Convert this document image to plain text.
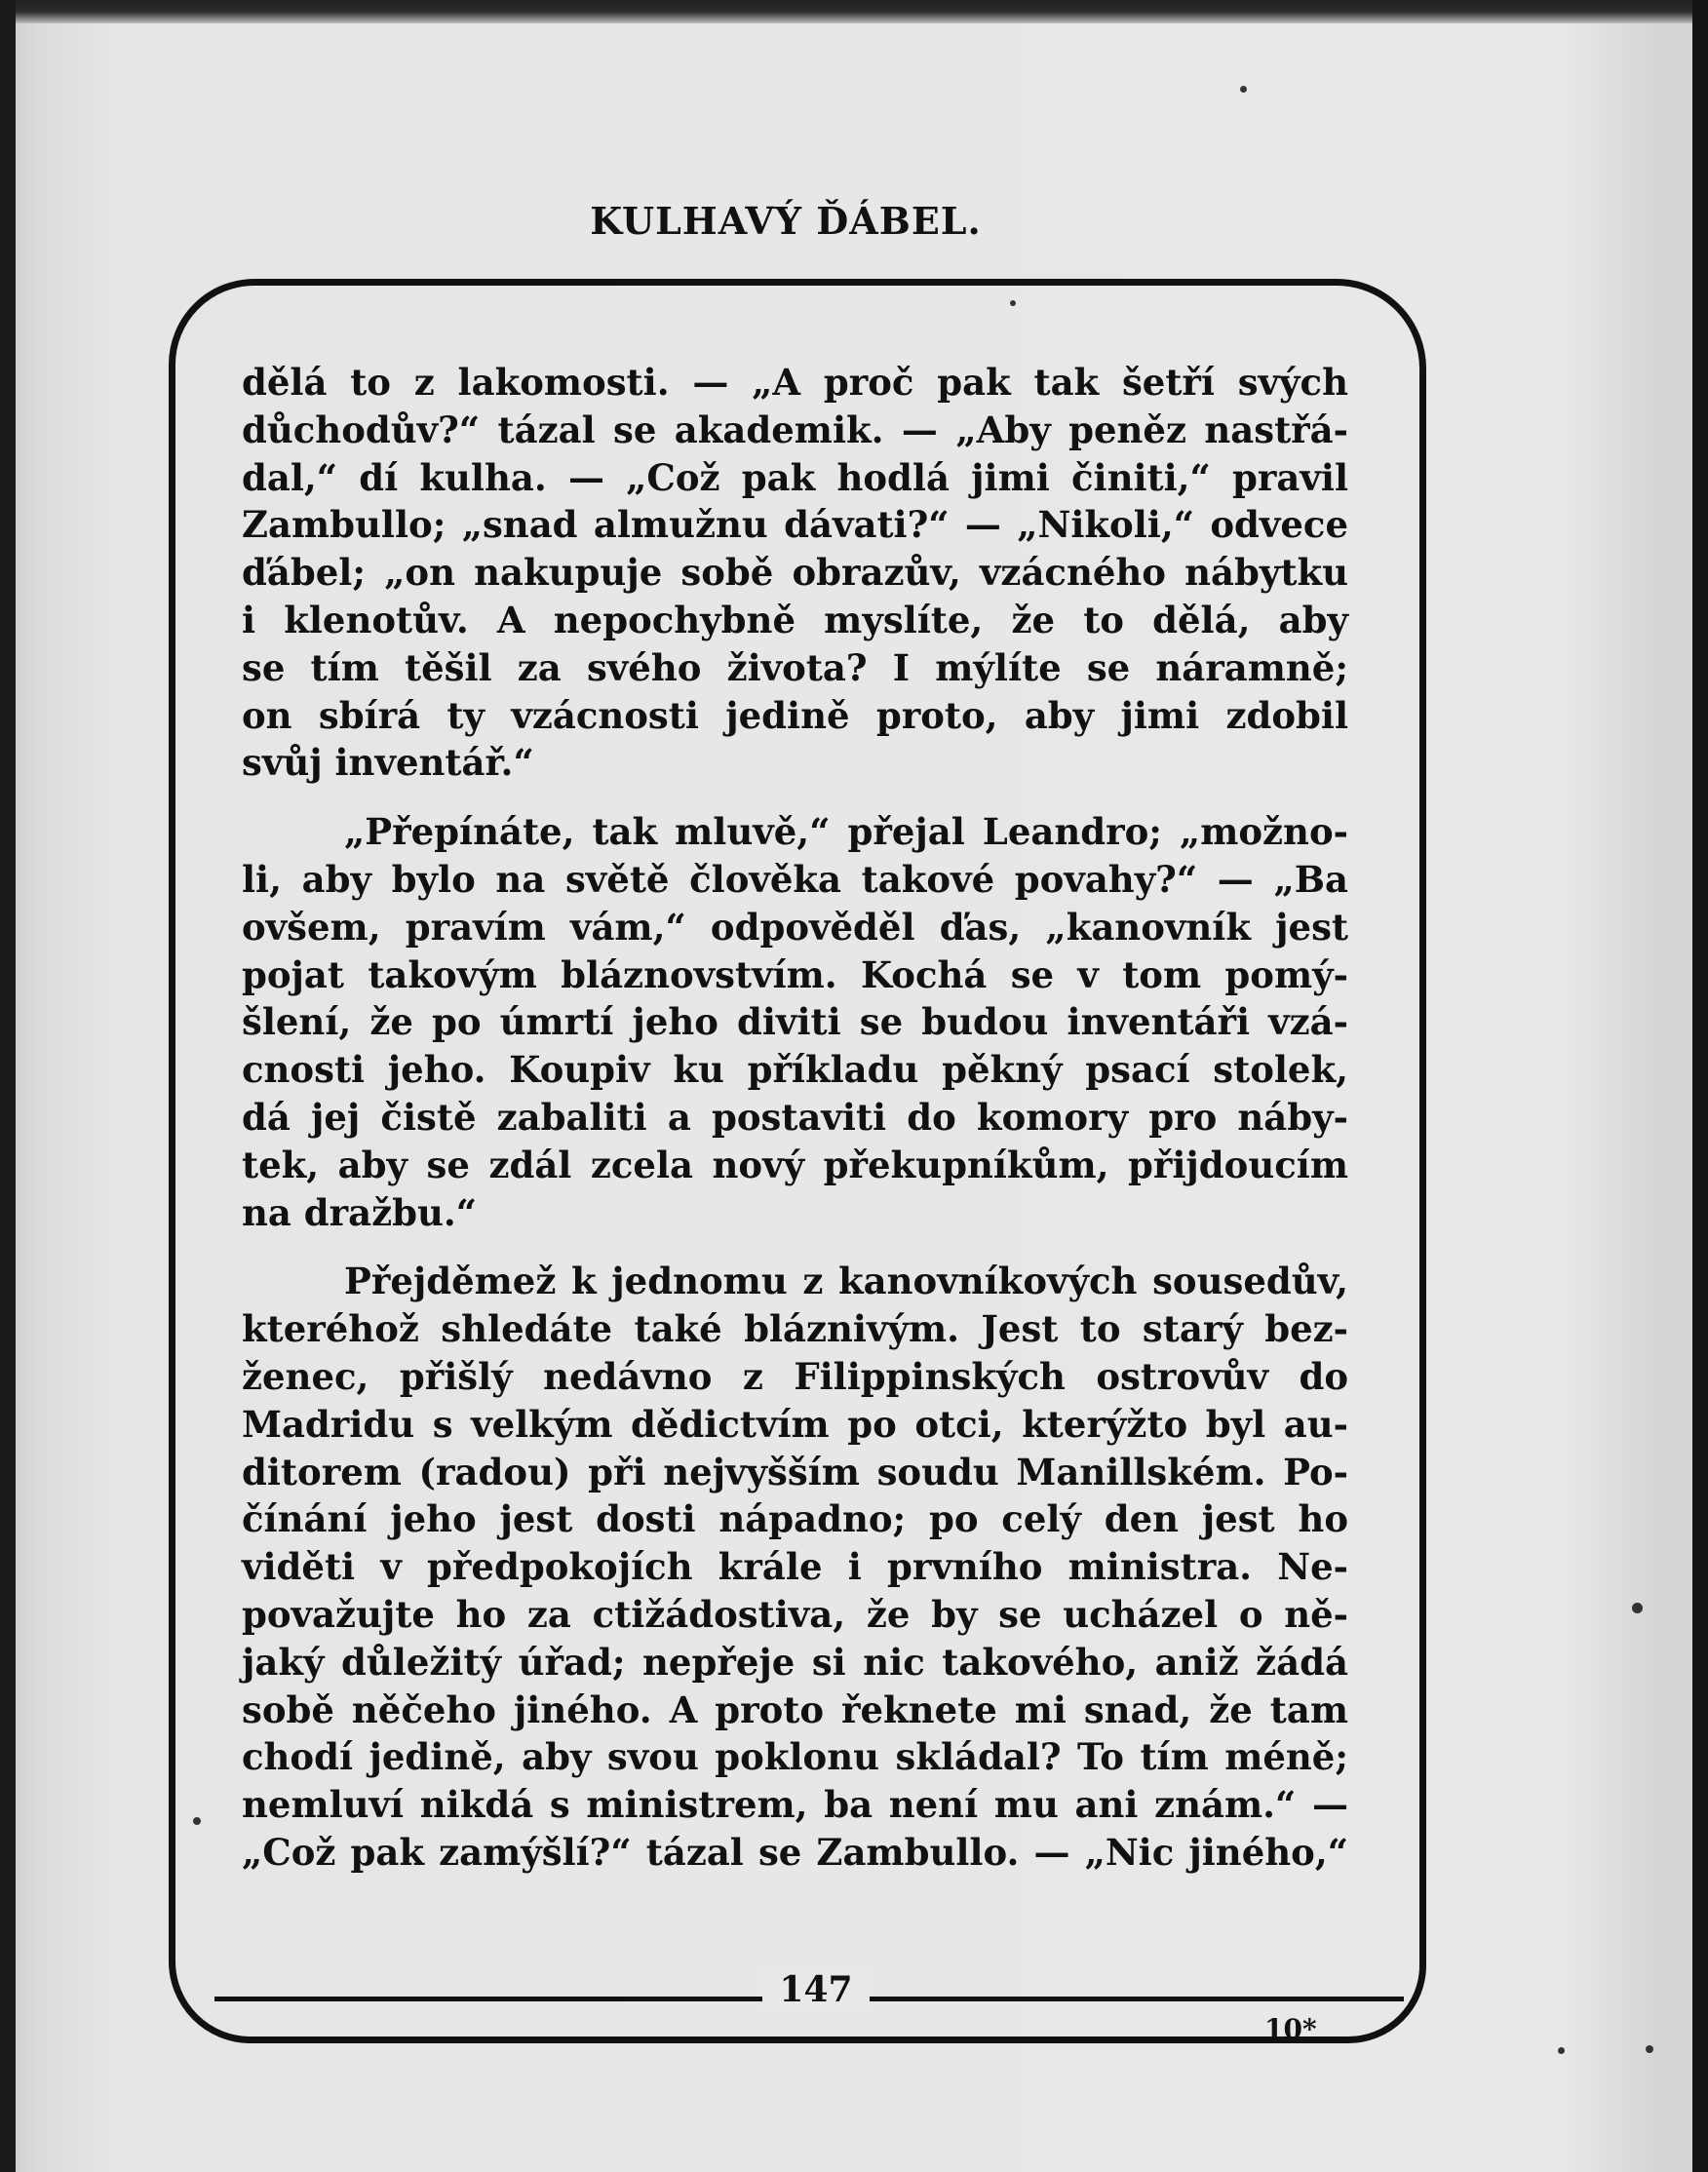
KULHAVÝ ĎÁBEL.
dělá to z lakomosti. — „A proč pak tak šetří svých
důchodův?“ tázal se akademik. — „Aby peněz nastřá-
dal,“ dí kulha. — „Což pak hodlá jimi činiti,“ pravil
Zambullo; „snad almužnu dávati?“ — „Nikoli,“ odvece
ďábel; „on nakupuje sobě obrazův, vzácného nábytku
i klenotův. A nepochybně myslíte, že to dělá, aby
se tím těšil za svého života? I mýlíte se náramně;
on sbírá ty vzácnosti jedině proto, aby jimi zdobil
svůj inventář.“
„Přepínáte, tak mluvě,“ přejal Leandro; „možno-
li, aby bylo na světě člověka takové povahy?“ — „Ba
ovšem, pravím vám,“ odpověděl ďas, „kanovník jest
pojat takovým bláznovstvím. Kochá se v tom pomý-
šlení, že po úmrtí jeho diviti se budou inventáři vzá-
cnosti jeho. Koupiv ku příkladu pěkný psací stolek,
dá jej čistě zabaliti a postaviti do komory pro náby-
tek, aby se zdál zcela nový překupníkům, přijdoucím
na dražbu.“
Přejděmež k jednomu z kanovníkových sousedův,
kteréhož shledáte také bláznivým. Jest to starý bez-
ženec, přišlý nedávno z Filippinských ostrovův do
Madridu s velkým dědictvím po otci, kterýžto byl au-
ditorem (radou) při nejvyšším soudu Manillském. Po-
čínání jeho jest dosti nápadno; po celý den jest ho
viděti v předpokojích krále i prvního ministra. Ne-
považujte ho za ctižádostiva, že by se ucházel o ně-
jaký důležitý úřad; nepřeje si nic takového, aniž žádá
sobě něčeho jiného. A proto řeknete mi snad, že tam
chodí jedině, aby svou poklonu skládal? To tím méně;
nemluví nikdá s ministrem, ba není mu ani znám.“ —
„Což pak zamýšlí?“ tázal se Zambullo. — „Nic jiného,“
147
10*
